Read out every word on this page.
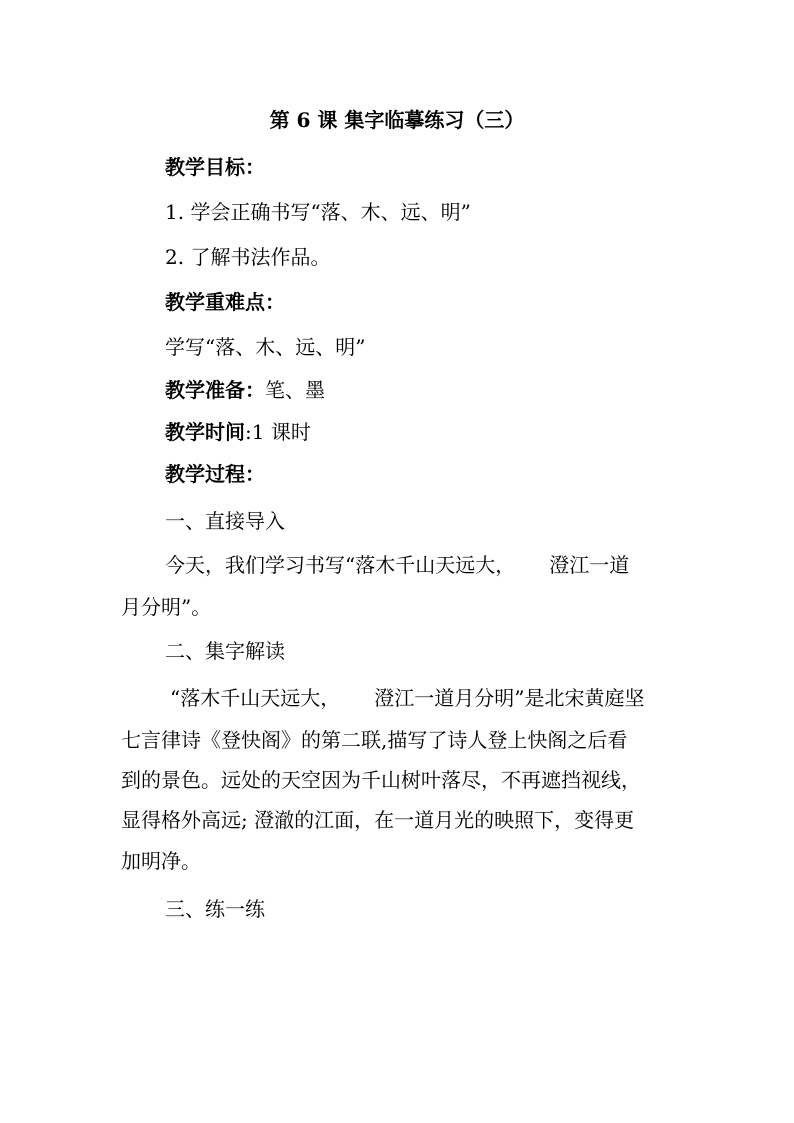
第 6 课 集字临摹练习（三）
教学目标：
1. 学会正确书写“落、木、远、明”
2. 了解书法作品。
教学重难点：
学写“落、木、远、明”
教学准备：笔、墨
教学时间:1 课时
教学过程：
一、直接导入
今天，我们学习书写“落木千山天远大， 澄江一道
月分明”。
二、集字解读
“落木千山天远大， 澄江一道月分明”是北宋黄庭坚
七言律诗《登快阁》的第二联,描写了诗人登上快阁之后看
到的景色。远处的天空因为千山树叶落尽，不再遮挡视线，
显得格外高远; 澄澈的江面，在一道月光的映照下，变得更
加明净。
三、练一练
